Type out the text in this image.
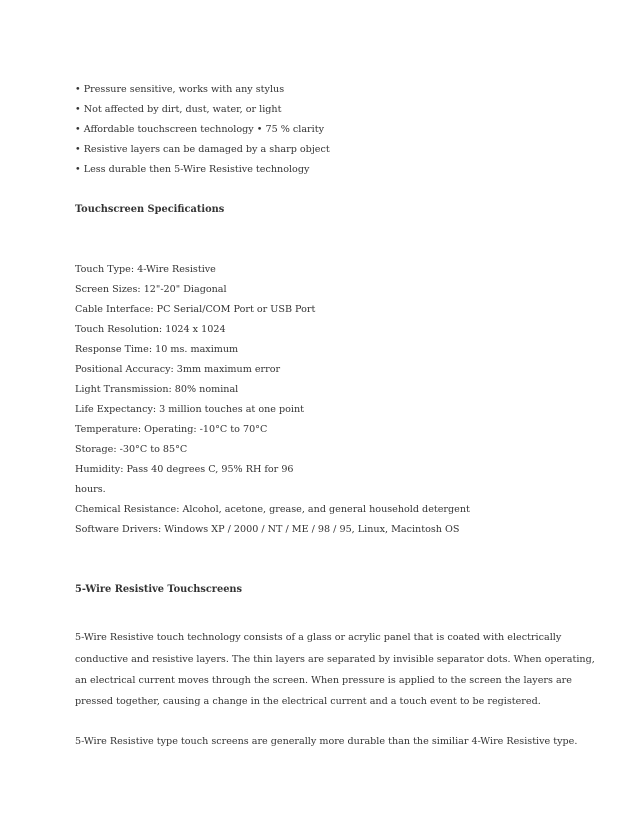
• Pressure sensitive, works with any stylus
• Not affected by dirt, dust, water, or light
• Affordable touchscreen technology • 75 % clarity
• Resistive layers can be damaged by a sharp object
• Less durable then 5-Wire Resistive technology
Touchscreen Specifications
Touch Type: 4-Wire Resistive
Screen Sizes: 12"-20" Diagonal
Cable Interface: PC Serial/COM Port or USB Port
Touch Resolution: 1024 x 1024
Response Time: 10 ms. maximum
Positional Accuracy: 3mm maximum error
Light Transmission: 80% nominal
Life Expectancy: 3 million touches at one point
Temperature: Operating: -10°C to 70°C
Storage: -30°C to 85°C
Humidity: Pass 40 degrees C, 95% RH for 96
hours.
Chemical Resistance: Alcohol, acetone, grease, and general household detergent
Software Drivers: Windows XP / 2000 / NT / ME / 98 / 95, Linux, Macintosh OS
5-Wire Resistive Touchscreens
5-Wire Resistive touch technology consists of a glass or acrylic panel that is coated with electrically
conductive and resistive layers. The thin layers are separated by invisible separator dots. When operating,
an electrical current moves through the screen. When pressure is applied to the screen the layers are
pressed together, causing a change in the electrical current and a touch event to be registered.
5-Wire Resistive type touch screens are generally more durable than the similiar 4-Wire Resistive type.
